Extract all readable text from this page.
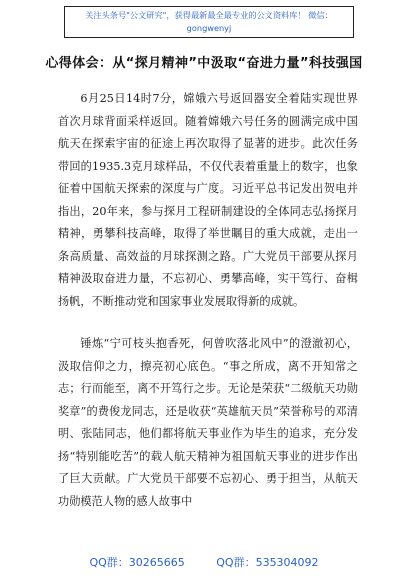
关注头条号"公文研究"，获得最新最全最专业的公文资料库！ 微信：gongwenyj
心得体会：从“探月精神”中汲取“奋进力量”科技强国

6月25日14时7分，嫦娥六号返回器安全着陆实现世界首次月球背面采样返回。随着嫦娥六号任务的圆满完成中国航天在探索宇宙的征途上再次取得了显著的进步。此次任务带回的1935.3克月球样品，不仅代表着重量上的数字，也象征着中国航天探索的深度与广度。习近平总书记发出贺电并指出，20年来，参与探月工程研制建设的全体同志弘扬探月精神，勇攀科技高峰，取得了举世瞩目的重大成就，走出一条高质量、高效益的月球探测之路。广大党员干部要从探月精神汲取奋进力量，不忘初心、勇攀高峰，实干笃行、奋楫扬帆，不断推动党和国家事业发展取得新的成就。

锤炼“宁可枝头抱香死，何曾吹落北风中”的澄澈初心，汲取信仰之力，擦亮初心底色。“事之所成，离不开知常之志；行而能至，离不开笃行之步。无论是荣获“二级航天功勋奖章”的费俊龙同志，还是收获“英雄航天员”荣誉称号的邓清明、张陆同志，他们都将航天事业作为毕生的追求，充分发扬“特别能吃苦”的载人航天精神为祖国航天事业的进步作出了巨大贡献。广大党员干部要不忘初心、勇于担当，从航天功勋模范人物的感人故事中

QQ群：30265665	QQ群：535304092
